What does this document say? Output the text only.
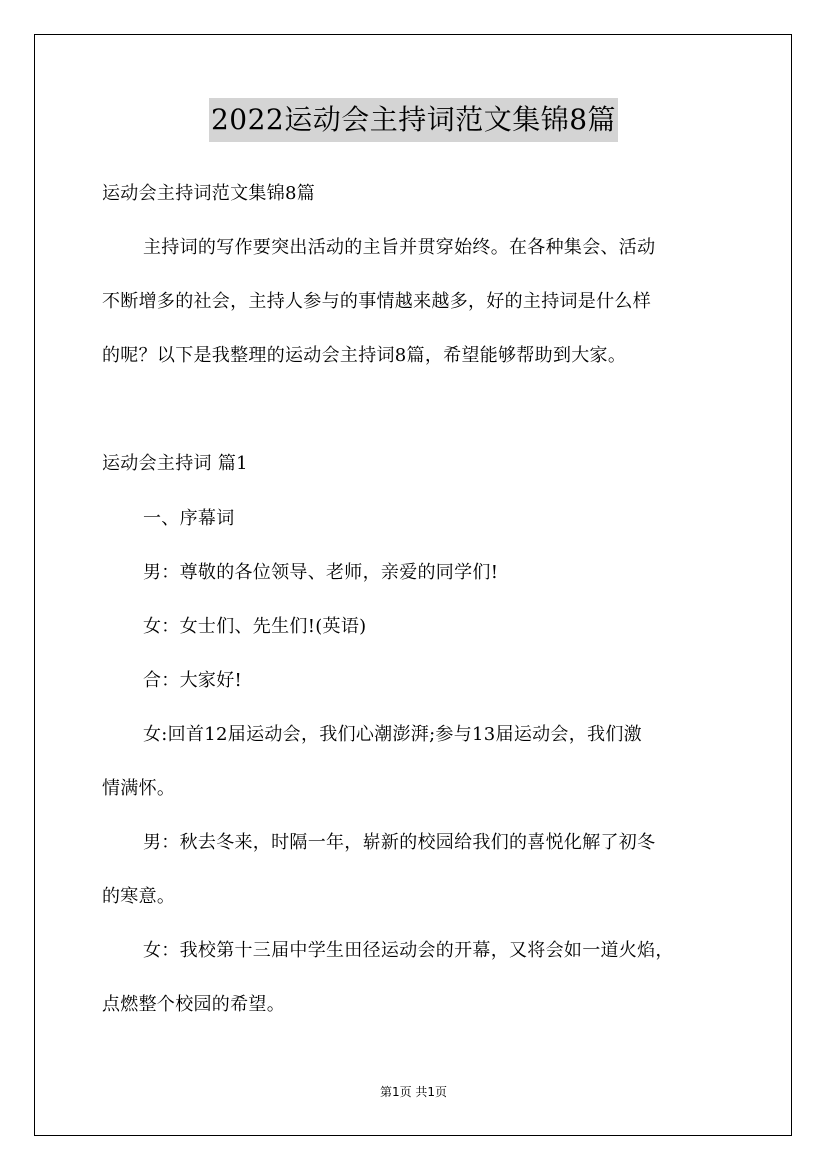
2022运动会主持词范文集锦8篇
运动会主持词范文集锦8篇
主持词的写作要突出活动的主旨并贯穿始终。在各种集会、活动
不断增多的社会，主持人参与的事情越来越多，好的主持词是什么样
的呢？以下是我整理的运动会主持词8篇，希望能够帮助到大家。
运动会主持词 篇1
一、序幕词
男：尊敬的各位领导、老师，亲爱的同学们!
女：女士们、先生们!(英语)
合：大家好!
女:回首12届运动会，我们心潮澎湃;参与13届运动会，我们激
情满怀。
男：秋去冬来，时隔一年，崭新的校园给我们的喜悦化解了初冬
的寒意。
女：我校第十三届中学生田径运动会的开幕，又将会如一道火焰，
点燃整个校园的希望。
第1页 共1页
